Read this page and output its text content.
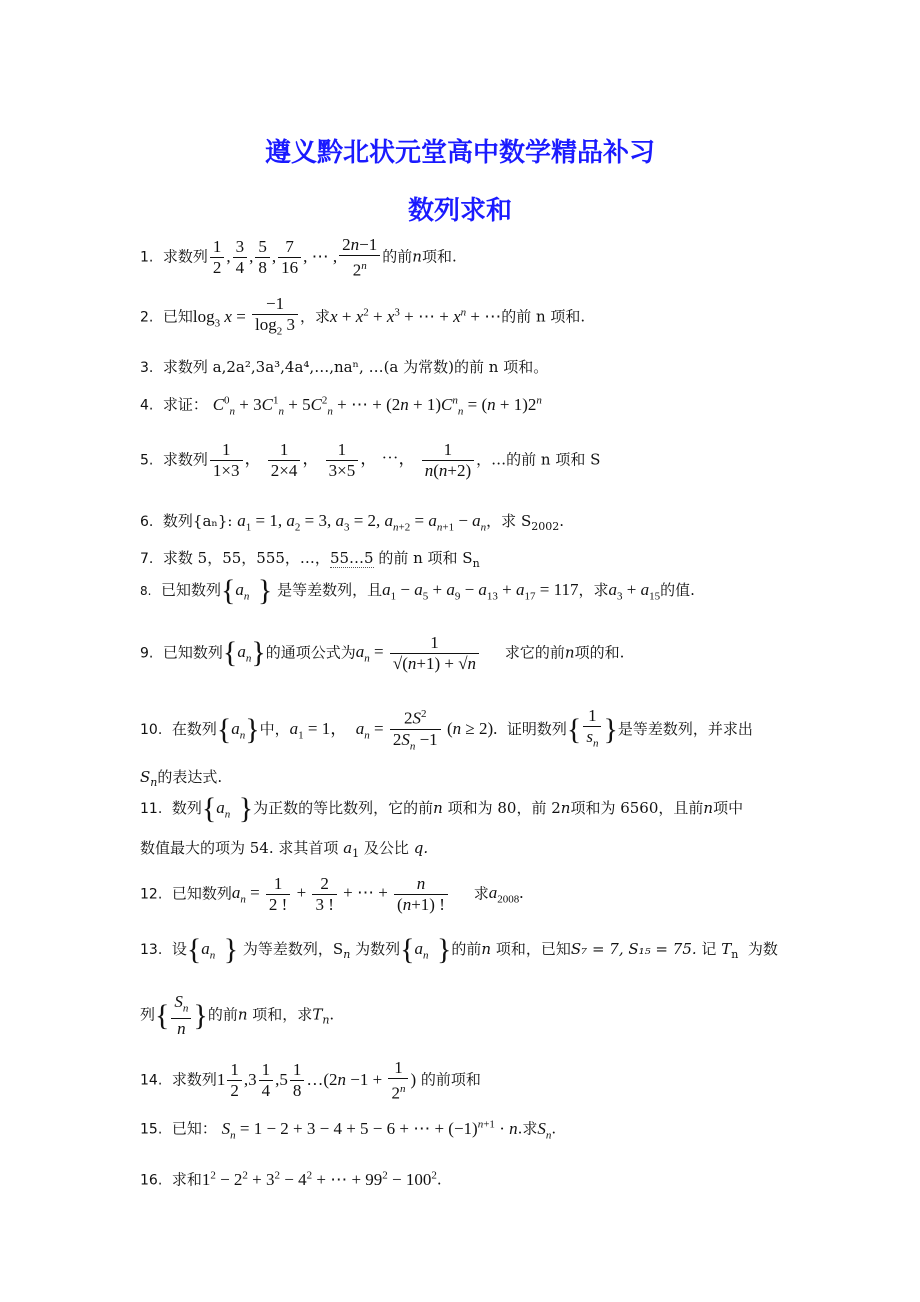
遵义黔北状元堂高中数学精品补习
数列求和
1. 求数列 $\frac{1}{2}$ , $\frac{3}{4}$ , $\frac{5}{8}$ , $\frac{7}{16}$ , ⋯ , $\frac{2n-1}{2^n}$ 的前n项和.
2. 已知$\log_3 x = \frac{-1}{\log_2 3}$ ，求$x + x^2 + x^3$ + ⋯ + $x^n$ + ⋯的前 n 项和.
3. 求数列 a,2a²,3a³,4a⁴,…,naⁿ, …(a 为常数)的前 n 项和。
4. 求证： $C^0_n + 3C^1_n + 5C^2_n$ + ⋯ + $(2n + 1)C^n_n = (n + 1)2^n$
5. 求数列 $\frac{1}{1\times 3}$ ， $\frac{1}{2\times 4}$ ， $\frac{1}{3\times 5}$ ， ⋯， $\frac{1}{n(n+2)}$ ，…的前 n 项和 S
6. 数列{aₙ}: $a_1 = 1$, $a_2 = 3$, $a_3 = 2$, $a_{n+2} = a_{n+1} - a_n$，求 $S_{2002}$.
7. 求数 5，55，555，…，55…5 的前 n 项和 $S_n$
8. 已知数列{$a_n$ } 是等差数列，且$a_1 - a_5 + a_9 - a_{13} + a_{17} = 117$，求$a_3 + a_{15}$的值.
9. 已知数列$\{a_n\}$的通项公式为$a_n = \frac{1}{√(n+1) + √n}$ 求它的前n项的和.
10. 在数列$\{a_n\}$中，$a_1 = 1$，  $a_n = \frac{2S^2}{2S_n -1} (n \ge 2)$. 证明数列{ $\frac{1}{s_n}$ }是等差数列，并求出
$S_n$的表达式.
11. 数列{$a_n$ }为正数的等比数列，它的前n 项和为 80，前 2n项和为 6560，且前n项中
数值最大的项为 54. 求其首项 $a_1$ 及公比 q.
12. 已知数列$a_n = \frac{1}{2 !} + \frac{2}{3 !}$ + ⋯ + $\frac{n}{(n+1) !}$ 求$a_{2008}$.
13. 设{$a_n$ } 为等差数列，$S_n$ 为数列{$a_n$ }的前n 项和，已知S₇ = 7, S₁₅ = 75. 记 $T_n$ 为数
列{ $\frac{S_n}{n}$ }的前n 项和，求$T_n$.
14. 求数列$1 \frac{1}{2} ,3 \frac{1}{4} ,5 \frac{1}{8}$ …(2n $-1 + \frac{1}{2^n}$ ) 的前项和
15. 已知： $S_n = 1 - 2 + 3 - 4 + 5 - 6$ + ⋯ + $(-1)^{n+1} \cdot n$.求$S_n$.
16. 求和$1^2 - 2^2 + 3^2 - 4^2$ + ⋯ + $99^2 - 100^2$.
